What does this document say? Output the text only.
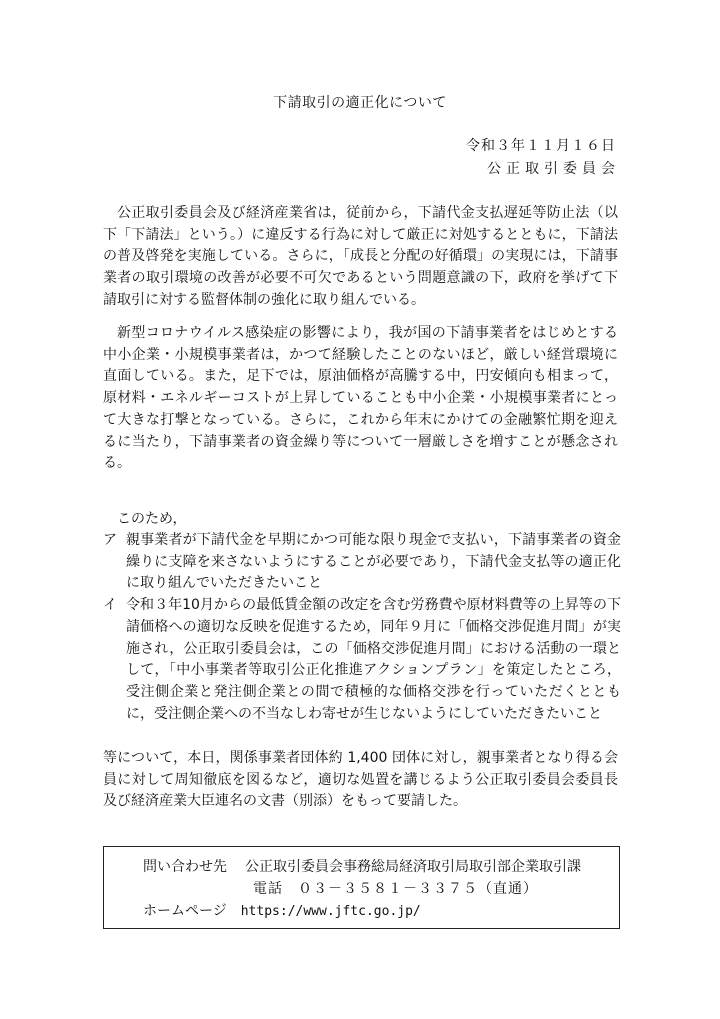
下請取引の適正化について
令和３年１１月１６日
公正取引委員会

公正取引委員会及び経済産業省は，従前から，下請代金支払遅延等防止法（以下「下請法」という。）に違反する行為に対して厳正に対処するとともに，下請法の普及啓発を実施している。さらに，「成長と分配の好循環」の実現には，下請事業者の取引環境の改善が必要不可欠であるという問題意識の下，政府を挙げて下請取引に対する監督体制の強化に取り組んでいる。

新型コロナウイルス感染症の影響により，我が国の下請事業者をはじめとする中小企業・小規模事業者は，かつて経験したことのないほど，厳しい経営環境に直面している。また，足下では，原油価格が高騰する中，円安傾向も相まって，原材料・エネルギーコストが上昇していることも中小企業・小規模事業者にとって大きな打撃となっている。さらに，これから年末にかけての金融繁忙期を迎えるに当たり，下請事業者の資金繰り等について一層厳しさを増すことが懸念される。

このため，

ア 親事業者が下請代金を早期にかつ可能な限り現金で支払い，下請事業者の資金繰りに支障を来さないようにすることが必要であり，下請代金支払等の適正化に取り組んでいただきたいこと
イ 令和３年10月からの最低賃金額の改定を含む労務費や原材料費等の上昇等の下請価格への適切な反映を促進するため，同年９月に「価格交渉促進月間」が実施され，公正取引委員会は，この「価格交渉促進月間」における活動の一環として，「中小事業者等取引公正化推進アクションプラン」を策定したところ，受注側企業と発注側企業との間で積極的な価格交渉を行っていただくとともに，受注側企業への不当なしわ寄せが生じないようにしていただきたいこと

等について，本日，関係事業者団体約 1,400 団体に対し，親事業者となり得る会員に対して周知徹底を図るなど，適切な処置を講じるよう公正取引委員会委員長及び経済産業大臣連名の文書（別添）をもって要請した。

問い合わせ先 公正取引委員会事務総局経済取引局取引部企業取引課
電話　０３－３５８１－３３７５（直通）
ホームページ https://www.jftc.go.jp/
